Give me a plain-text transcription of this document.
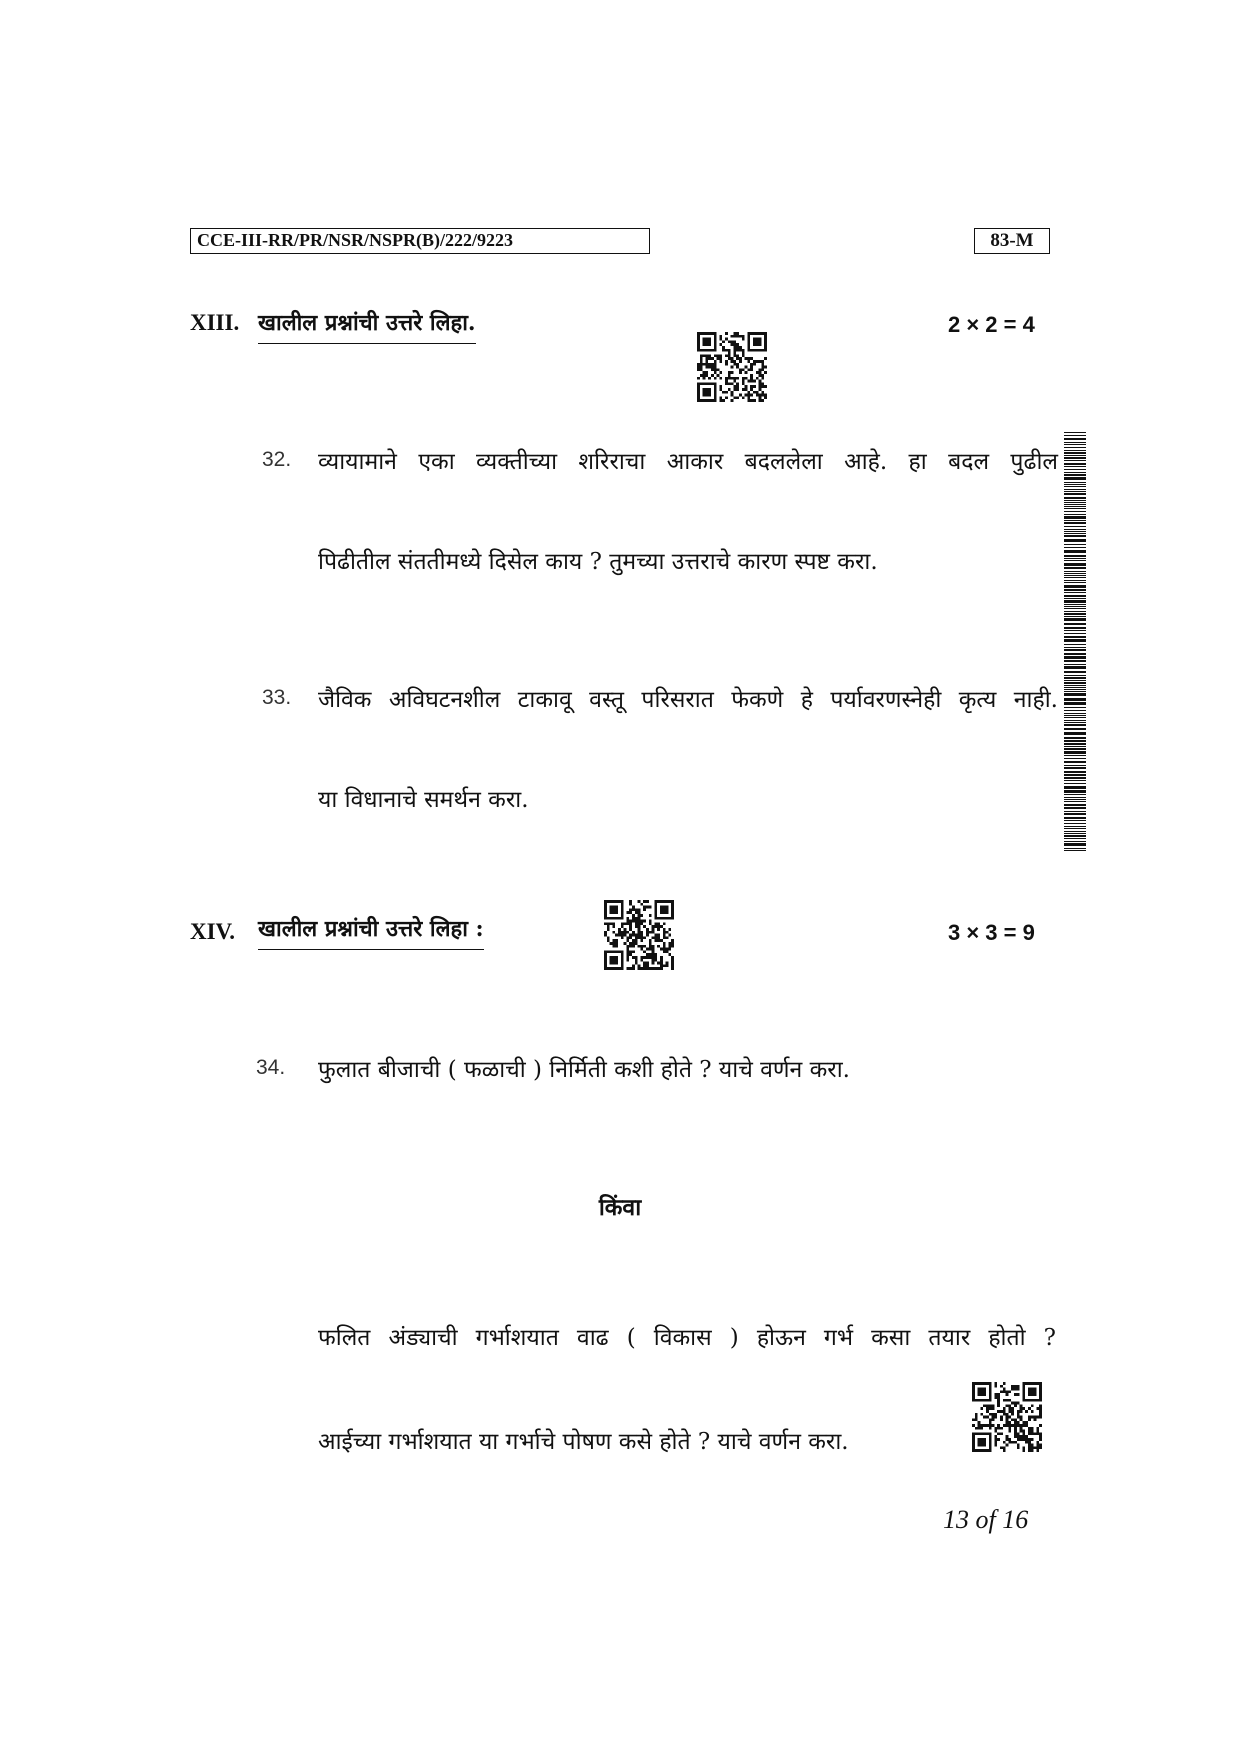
CCE-III-RR/PR/NSR/NSPR(B)/222/9223	83-M
XIII. खालील प्रश्नांची उत्तरे लिहा.	2 × 2 = 4
32. व्यायामाने एका व्यक्तीच्या शरिराचा आकार बदललेला आहे. हा बदल पुढील
पिढीतील संततीमध्ये दिसेल काय ? तुमच्या उत्तराचे कारण स्पष्ट करा.
33. जैविक अविघटनशील टाकावू वस्तू परिसरात फेकणे हे पर्यावरणस्नेही कृत्य नाही.
या विधानाचे समर्थन करा.
XIV. खालील प्रश्नांची उत्तरे लिहा :	3 × 3 = 9
34. फुलात बीजाची ( फळाची ) निर्मिती कशी होते ? याचे वर्णन करा.
किंवा
फलित अंड्याची गर्भाशयात वाढ ( विकास ) होऊन गर्भ कसा तयार होतो ?
आईच्या गर्भाशयात या गर्भाचे पोषण कसे होते ? याचे वर्णन करा.
13 of 16
